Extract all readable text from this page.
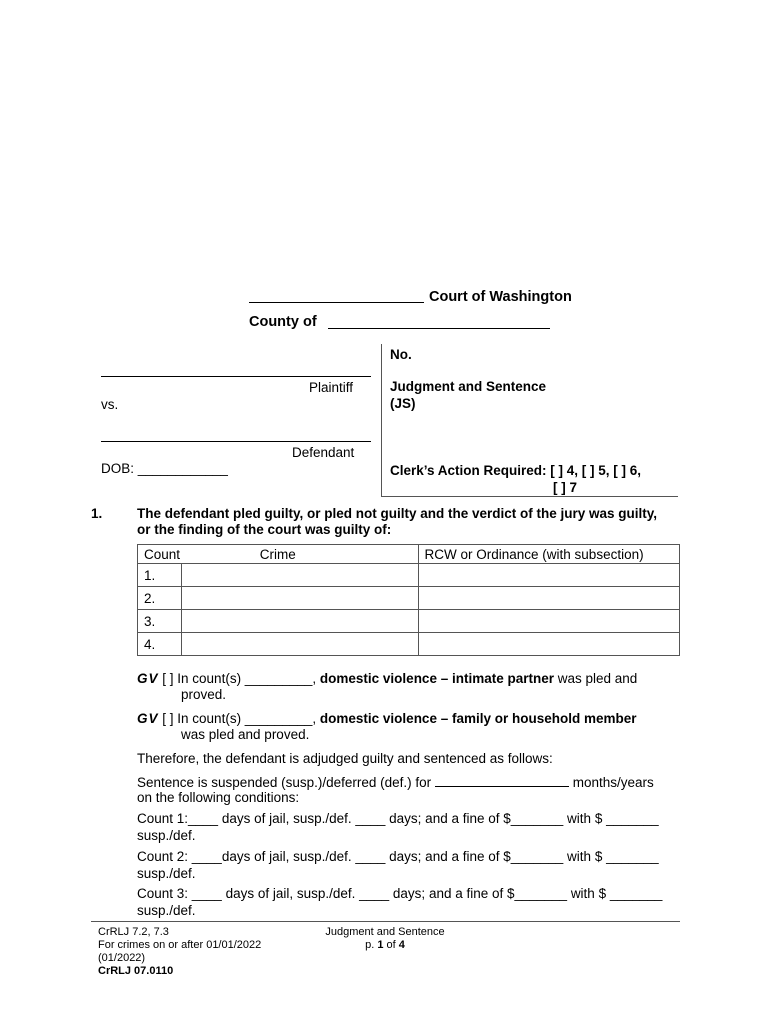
Court of Washington
County of
Plaintiff
vs.
Defendant
DOB: ____________
No.
Judgment and Sentence
(JS)
Clerk’s Action Required: [ ] 4, [ ] 5, [ ] 6,
[ ] 7
1.	The defendant pled guilty, or pled not guilty and the verdict of the jury was guilty,
or the finding of the court was guilty of:
Count Crime		RCW or Ordinance (with subsection)
1.		
2.		
3.		
4.		
GV [ ] In count(s) _________, domestic violence – intimate partner was pled and
proved.
GV [ ] In count(s) _________, domestic violence – family or household member
was pled and proved.
Therefore, the defendant is adjudged guilty and sentenced as follows:
Sentence is suspended (susp.)/deferred (def.) for	months/years
on the following conditions:
Count 1:____ days of jail, susp./def. ____ days; and a fine of $_______ with $ _______
susp./def.
Count 2: ____days of jail, susp./def. ____ days; and a fine of $_______ with $ _______
susp./def.
Count 3: ____ days of jail, susp./def. ____ days; and a fine of $_______ with $ _______
susp./def.
CrRLJ 7.2, 7.3
For crimes on or after 01/01/2022
(01/2022)
CrRLJ 07.0110
Judgment and Sentence
p. 1 of 4
